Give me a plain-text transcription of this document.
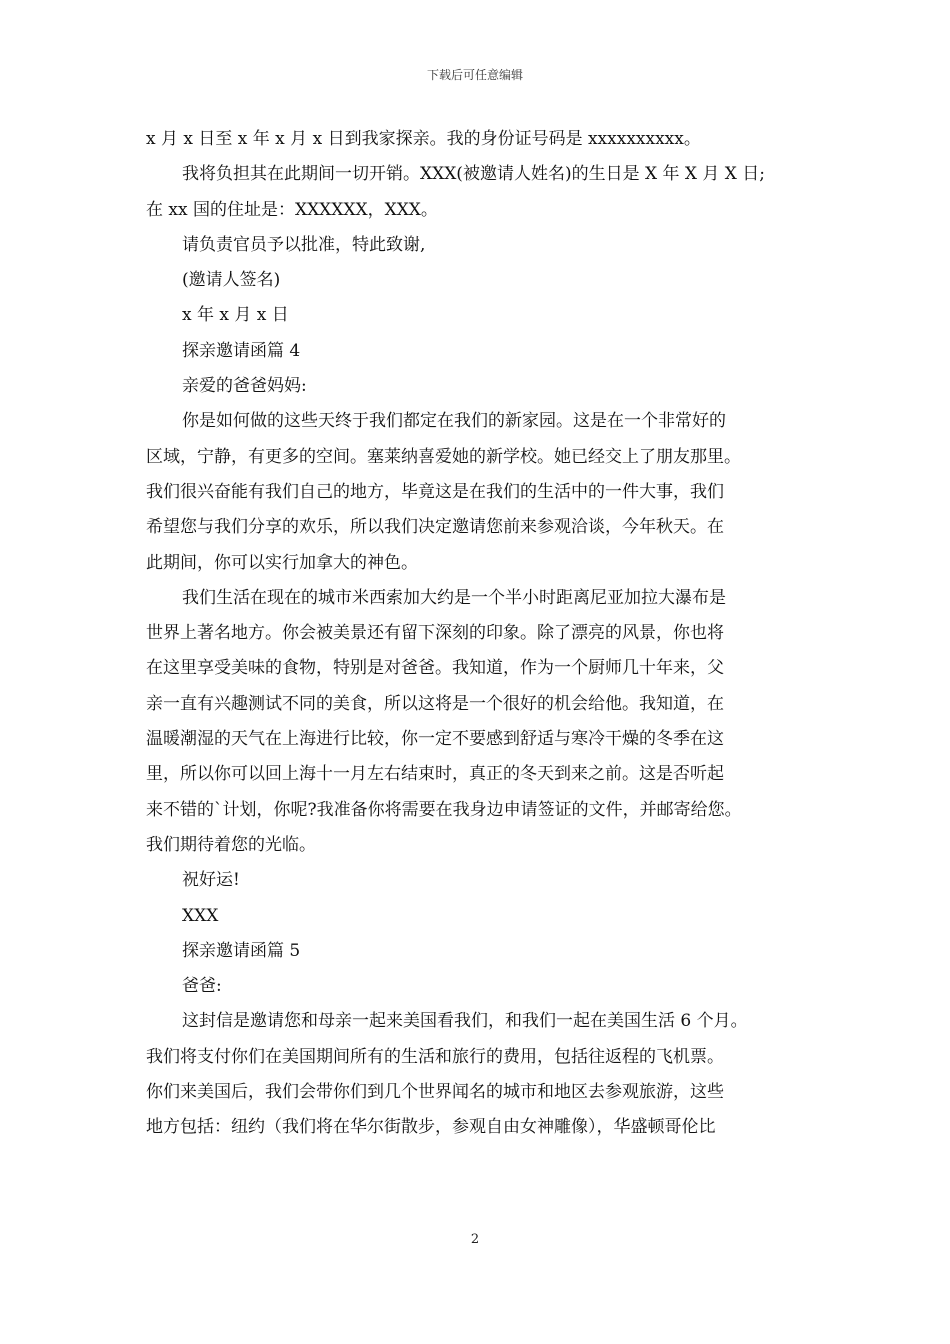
下载后可任意编辑
x 月 x 日至 x 年 x 月 x 日到我家探亲。我的身份证号码是 xxxxxxxxxx。
我将负担其在此期间一切开销。XXX(被邀请人姓名)的生日是 X 年 X 月 X 日;
在 xx 国的住址是：XXXXXX，XXX。
请负责官员予以批准，特此致谢,
(邀请人签名)
x 年 x 月 x 日
探亲邀请函篇 4
亲爱的爸爸妈妈:
你是如何做的这些天终于我们都定在我们的新家园。这是在一个非常好的
区域，宁静，有更多的空间。塞莱纳喜爱她的新学校。她已经交上了朋友那里。
我们很兴奋能有我们自己的地方，毕竟这是在我们的生活中的一件大事，我们
希望您与我们分享的欢乐，所以我们决定邀请您前来参观洽谈，今年秋天。在
此期间，你可以实行加拿大的神色。
我们生活在现在的城市米西索加大约是一个半小时距离尼亚加拉大瀑布是
世界上著名地方。你会被美景还有留下深刻的印象。除了漂亮的风景，你也将
在这里享受美味的食物，特别是对爸爸。我知道，作为一个厨师几十年来，父
亲一直有兴趣测试不同的美食，所以这将是一个很好的机会给他。我知道，在
温暖潮湿的天气在上海进行比较，你一定不要感到舒适与寒冷干燥的冬季在这
里，所以你可以回上海十一月左右结束时，真正的冬天到来之前。这是否听起
来不错的`计划，你呢?我准备你将需要在我身边申请签证的文件，并邮寄给您。
我们期待着您的光临。
祝好运!
XXX
探亲邀请函篇 5
爸爸:
这封信是邀请您和母亲一起来美国看我们，和我们一起在美国生活 6 个月。
我们将支付你们在美国期间所有的生活和旅行的费用，包括往返程的飞机票。
你们来美国后，我们会带你们到几个世界闻名的城市和地区去参观旅游，这些
地方包括：纽约（我们将在华尔街散步，参观自由女神雕像），华盛顿哥伦比
2
